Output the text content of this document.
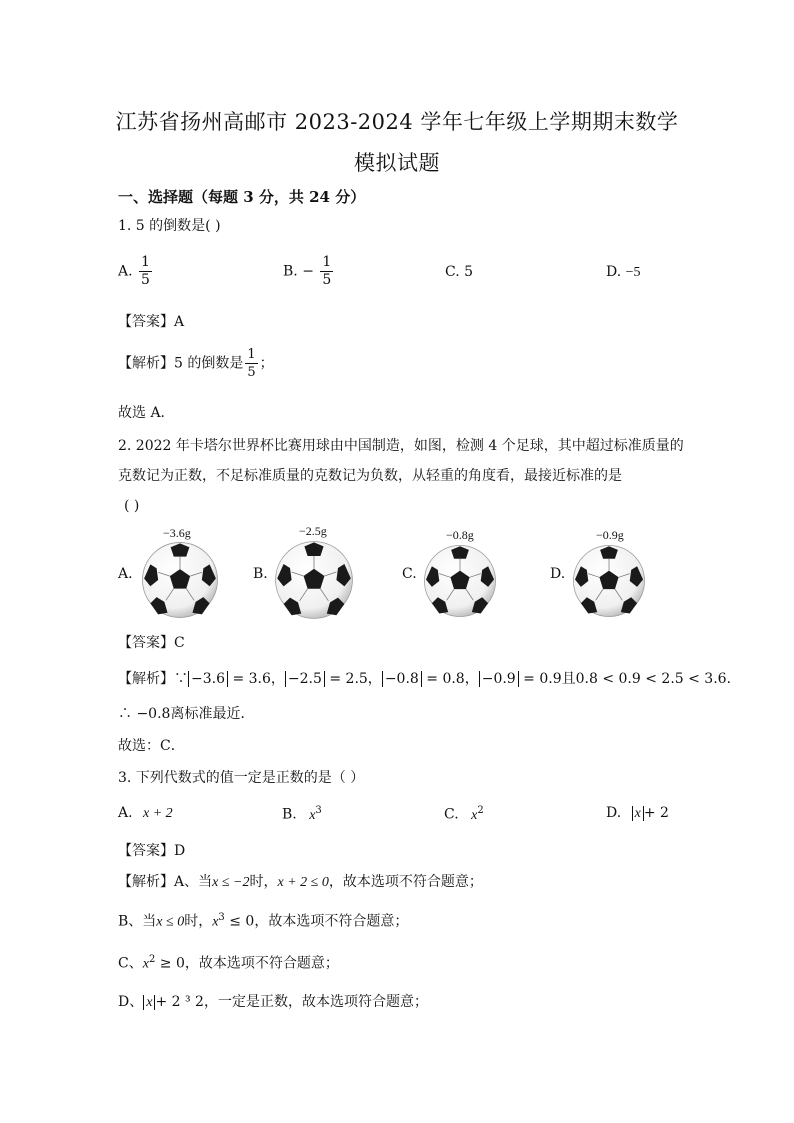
江苏省扬州高邮市 2023-2024 学年七年级上学期期末数学
模拟试题
一、选择题（每题 3 分，共 24 分）
1. 5 的倒数是( )
A. $\frac{1}{5}$	B. − $\frac{1}{5}$	C. 5	D. −5
【答案】A
【解析】5 的倒数是 $\frac{1}{5}$ ；
故选 A．
2. 2022 年卡塔尔世界杯比赛用球由中国制造，如图，检测 4 个足球，其中超过标准质量的
克数记为正数，不足标准质量的克数记为负数，从轻重的角度看，最接近标准的是
( )
A.
−3.6g
B.
−2.5g
C.
−0.8g
D.
−0.9g
【答案】C
【解析】∵ −3.6 = 3.6， −2.5 = 2.5， −0.8 = 0.8， −0.9 = 0.9且0.8 < 0.9 < 2.5 < 3.6．
∴ −0.8离标准最近．
故选：C．
3. 下列代数式的值一定是正数的是（ ）
A. x + 2	B. $x^3$	C. $x^2$	D. x + 2
【答案】D
【解析】A、当x ≤ −2时，x + 2 ≤ 0，故本选项不符合题意；
B、当x ≤ 0时，$x^3 \le 0$，故本选项不符合题意；
C、$x^2 \ge 0$，故本选项不符合题意；
D、 x + 2 ³ 2，一定是正数，故本选项符合题意；
